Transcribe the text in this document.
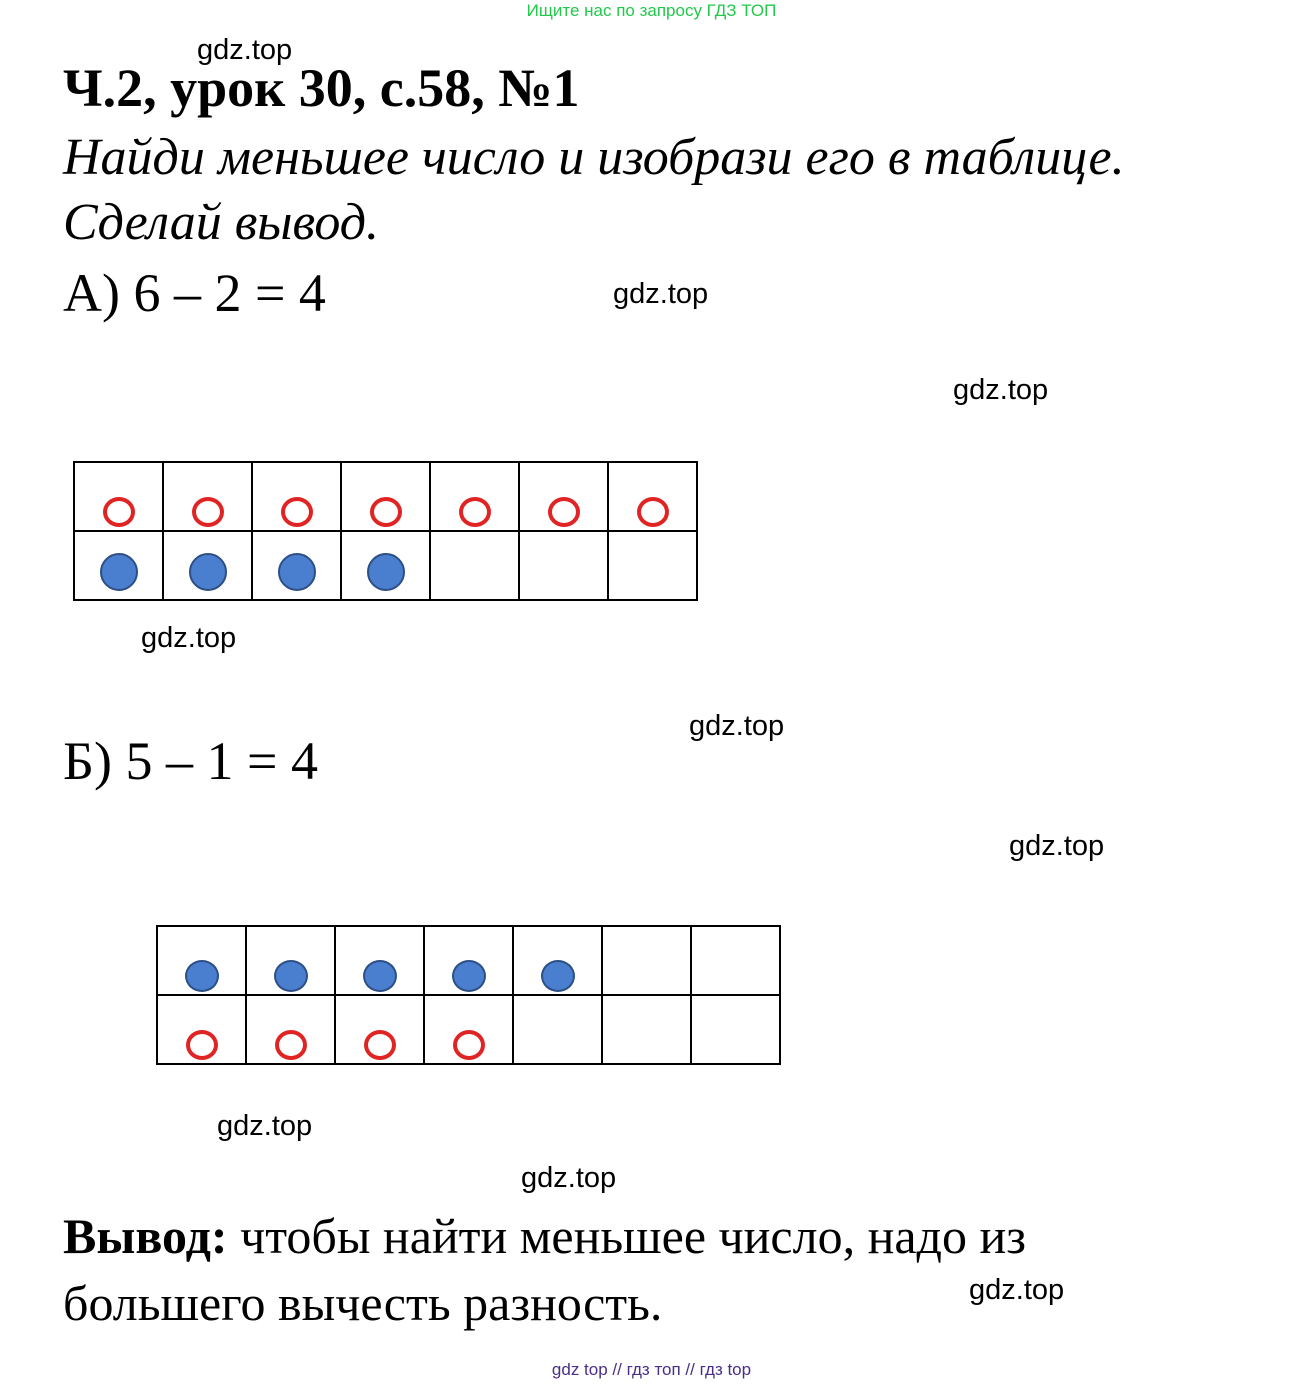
Ищите нас по запросу ГДЗ ТОП
gdz.top
Ч.2, урок 30, с.58, №1
Найди меньшее число и изобрази его в таблице.
Сделай вывод.
А) 6 – 2 = 4	gdz.top
gdz.top

gdz.top
gdz.top
Б) 5 – 1 = 4
gdz.top

gdz.top
gdz.top
Вывод: чтобы найти меньшее число, надо из
большего вычесть разность.	gdz.top
gdz top // гдз топ // гдз top
